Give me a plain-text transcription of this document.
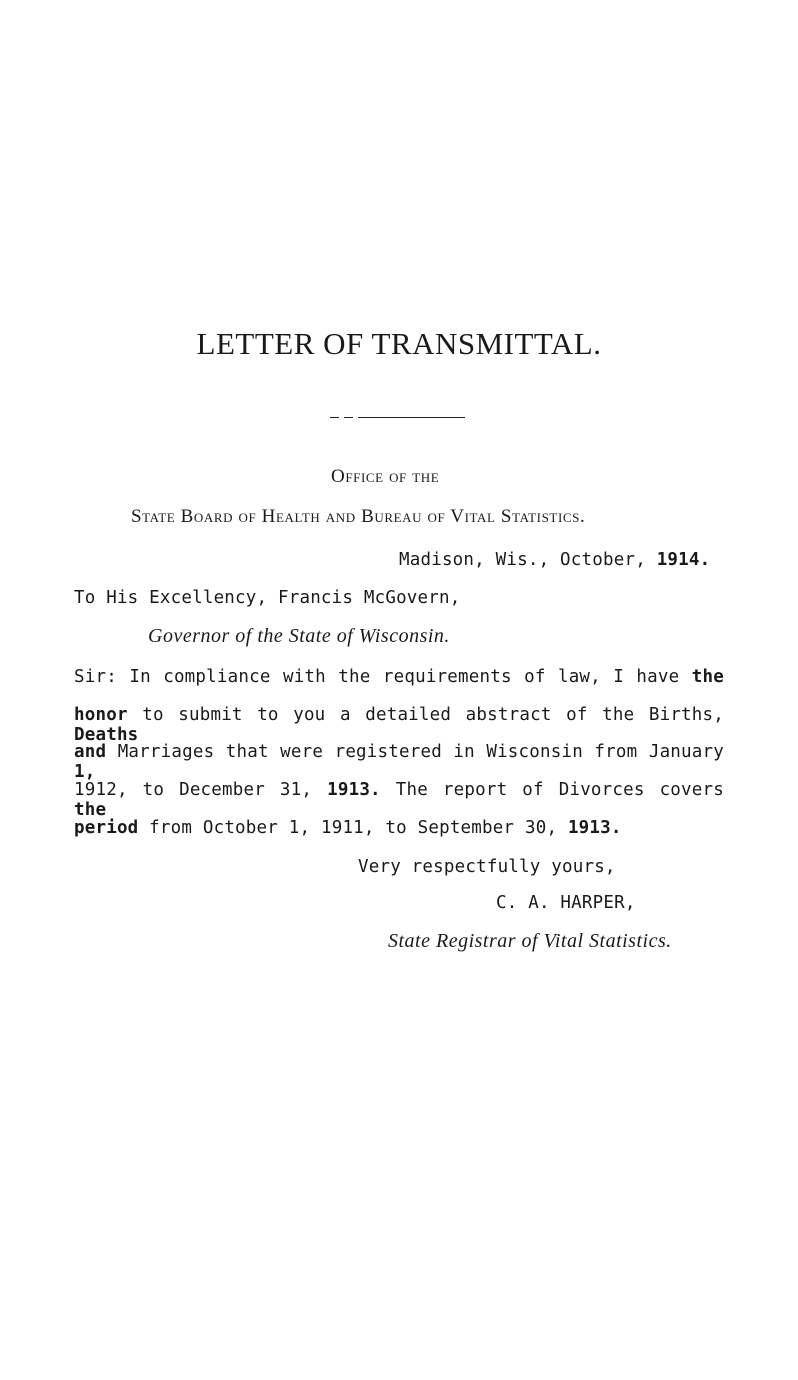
LETTER OF TRANSMITTAL.
Office of the
State Board of Health and Bureau of Vital Statistics.
Madison, Wis., October, 1914.
To His Excellency, Francis McGovern,
Governor of the State of Wisconsin.
Sir: In compliance with the requirements of law, I have the
honor to submit to you a detailed abstract of the Births, Deaths
and Marriages that were registered in Wisconsin from January 1,
1912, to December 31, 1913. The report of Divorces covers the
period from October 1, 1911, to September 30, 1913.
Very respectfully yours,
C. A. HARPER,
State Registrar of Vital Statistics.
